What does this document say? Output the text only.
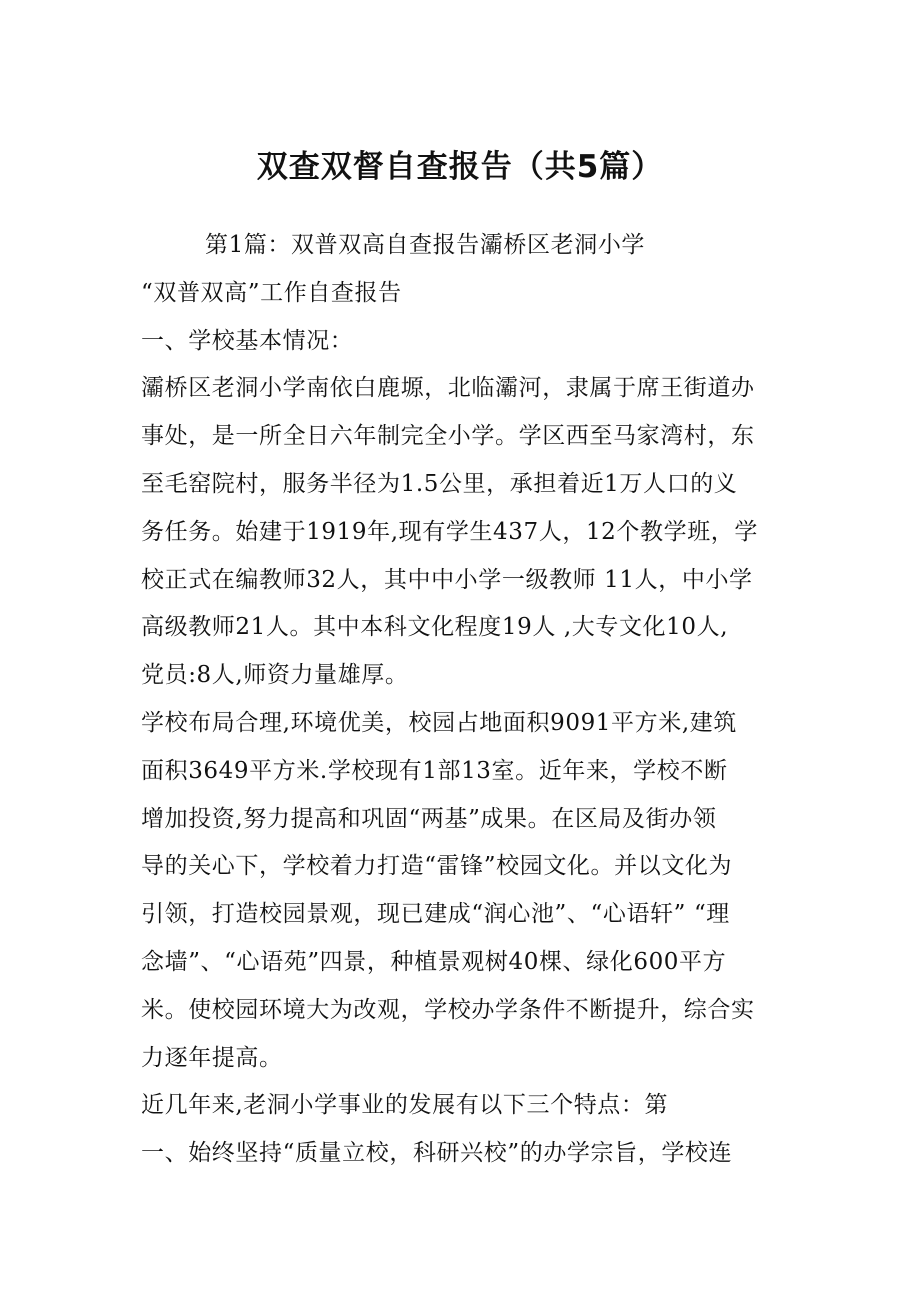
双查双督自查报告（共5篇）
第1篇：双普双高自查报告灞桥区老洞小学
“双普双高”工作自查报告
一、学校基本情况：
灞桥区老洞小学南依白鹿塬，北临灞河，隶属于席王街道办
事处，是一所全日六年制完全小学。学区西至马家湾村，东
至毛窑院村，服务半径为1.5公里，承担着近1万人口的义
务任务。始建于1919年,现有学生437人，12个教学班，学
校正式在编教师32人，其中中小学一级教师 11人，中小学
高级教师21人。其中本科文化程度19人 ,大专文化10人,
党员:8人,师资力量雄厚。
学校布局合理,环境优美，校园占地面积9091平方米,建筑
面积3649平方米.学校现有1部13室。近年来，学校不断
增加投资,努力提高和巩固“两基”成果。在区局及街办领
导的关心下，学校着力打造“雷锋”校园文化。并以文化为
引领，打造校园景观，现已建成“润心池”、“心语轩” “理
念墙”、“心语苑”四景，种植景观树40棵、绿化600平方
米。使校园环境大为改观，学校办学条件不断提升，综合实
力逐年提高。
近几年来,老洞小学事业的发展有以下三个特点：第
一、始终坚持“质量立校，科研兴校”的办学宗旨，学校连
